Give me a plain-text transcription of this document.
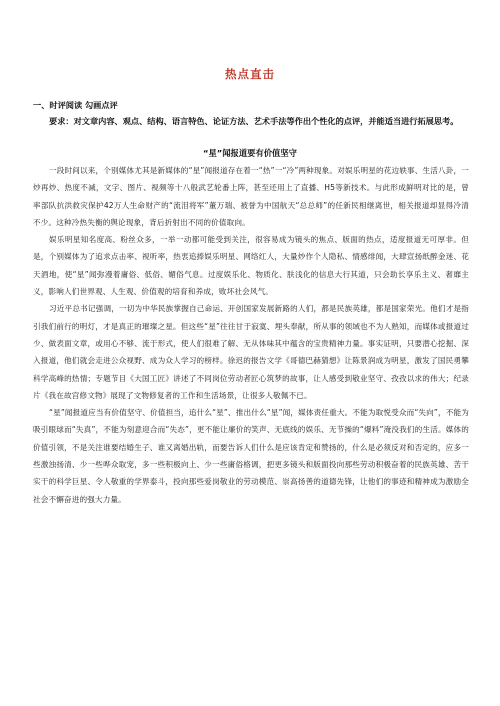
热点直击
一、时评阅读 勾画点评

要求：对文章内容、观点、结构、语言特色、论证方法、艺术手法等作出个性化的点评，并能适当进行拓展思考。

“星”闻报道要有价值坚守

一段时间以来，个别媒体尤其是新媒体的“星”闻报道存在着一“热”一“冷”两种现象。对娱乐明星的花边轶事、生活八卦，一炒再炒、热度不减，文字、图片、视频等十八般武艺轮番上阵，甚至还用上了直播、H5等新技术。与此形成鲜明对比的是，曾率部队抗洪救灾保护42万人生命财产的“流泪将军”董万瑞、被誉为中国航天“总总师”的任新民相继离世，相关报道却显得冷清不少。这种冷热失衡的舆论现象，背后折射出不同的价值取向。

娱乐明星知名度高、粉丝众多，一举一动都可能受到关注，很容易成为镜头的焦点、版面的热点，适度报道无可厚非。但是，个别媒体为了追求点击率、视听率，热衷追捧娱乐明星、网络红人，大量炒作个人隐私、情感绯闻，大肆宣扬纸醉金迷、花天酒地，使“星”闻弥漫着庸俗、低俗、媚俗气息。过度娱乐化、物质化、肤浅化的信息大行其道，只会助长享乐主义、奢靡主义，影响人们世界观、人生观、价值观的培育和养成，败坏社会风气。

习近平总书记强调，一切为中华民族掌握自己命运、开创国家发展新路的人们，都是民族英雄，都是国家荣光。他们才是指引我们前行的明灯，才是真正的璀璨之星。但这些“星”往往甘于寂寞、埋头奉献，所从事的领域也不为人熟知，而媒体或报道过少、做表面文章，或用心不够、流于形式，使人们很难了解、无从体味其中蕴含的宝贵精神力量。事实证明，只要潜心挖掘、深入报道，他们就会走进公众视野、成为众人学习的榜样。徐迟的报告文学《哥德巴赫猜想》让陈景润成为明星，激发了国民勇攀科学高峰的热情；专题节目《大国工匠》讲述了不同岗位劳动者匠心筑梦的故事，让人感受到敬业坚守、孜孜以求的伟大；纪录片《我在故宫修文物》展现了文物修复者的工作和生活场景，让很多人敬佩不已。

“星”闻报道应当有价值坚守、价值担当，追什么“星”、推出什么“星”闻，媒体责任重大。不能为取悦受众而“失向”，不能为吸引眼球而“失真”，不能为刻意迎合而“失态”，更不能让廉价的笑声、无底线的娱乐、无节操的“爆料”淹没我们的生活。媒体的价值引领，不是关注谁要结婚生子、谁又离婚出轨，而要告诉人们什么是应该肯定和赞扬的，什么是必须反对和否定的，应多一些激浊扬清、少一些哗众取宠，多一些积极向上、少一些庸俗格调，把更多镜头和版面投向那些劳动积极奋着的民族英雄、苦干实干的科学巨星、令人敬重的学界泰斗，投向那些爱岗敬业的劳动模范、崇高扬善的道德先锋，让他们的事迹和精神成为激励全社会不懈奋进的强大力量。
